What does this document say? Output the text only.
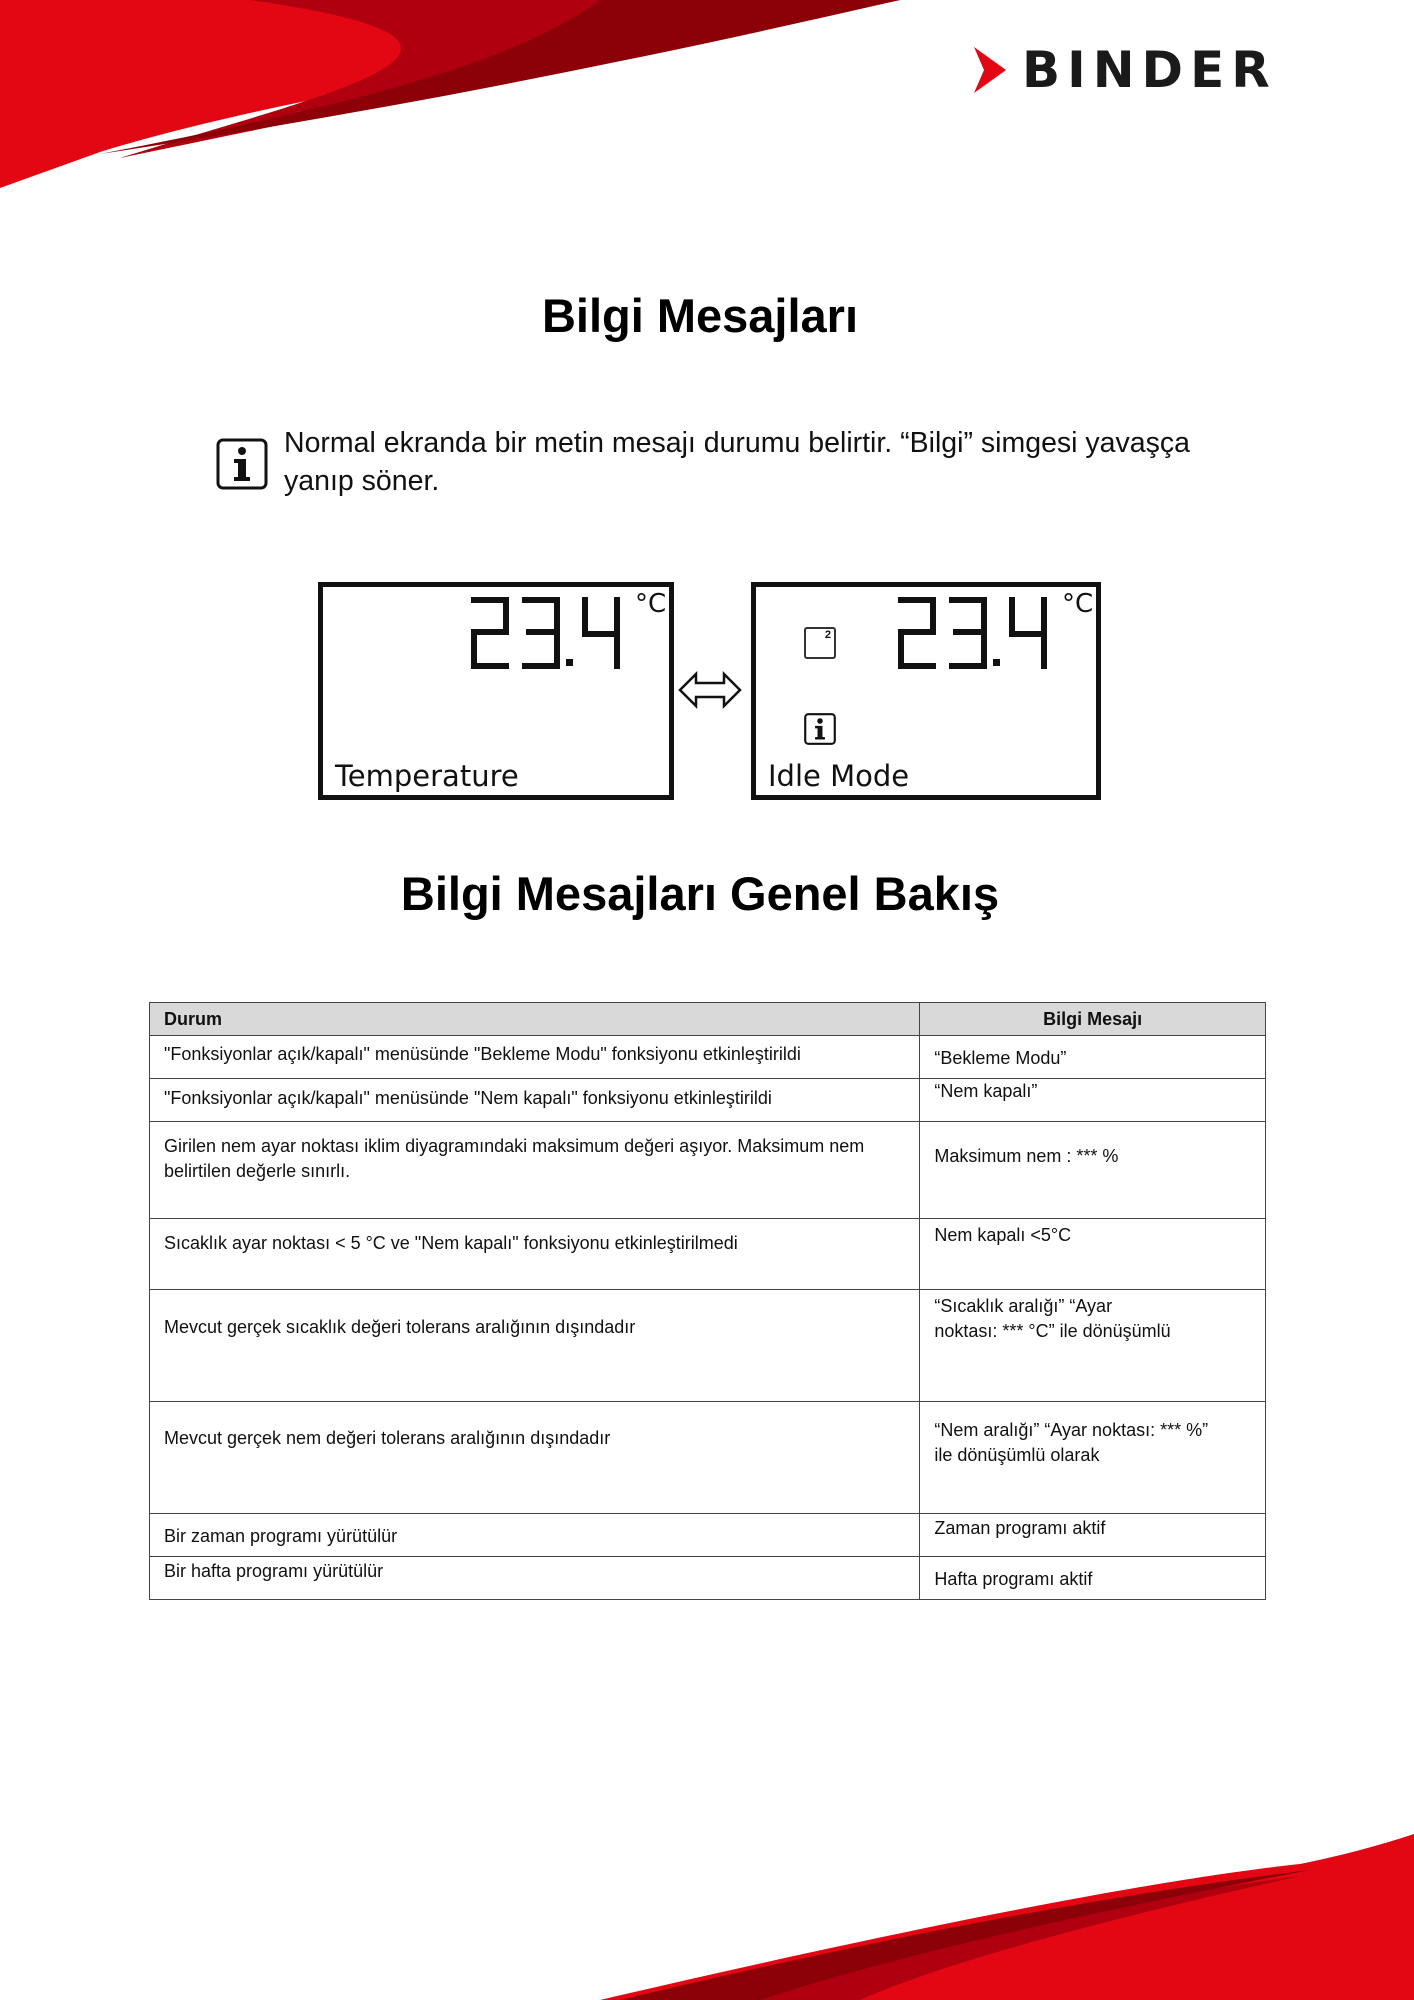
BINDER
Bilgi Mesajları

Normal ekranda bir metin mesajı durumu belirtir. “Bilgi” simgesi yavaşça yanıp söner.

°C
Temperature
2
°C
Idle Mode
Bilgi Mesajları Genel Bakış
Durum	Bilgi Mesajı
"Fonksiyonlar açık/kapalı" menüsünde "Bekleme Modu" fonksiyonu etkinleştirildi	“Bekleme Modu”
"Fonksiyonlar açık/kapalı" menüsünde "Nem kapalı" fonksiyonu etkinleştirildi	“Nem kapalı”
Girilen nem ayar noktası iklim diyagramındaki maksimum değeri aşıyor. Maksimum nem belirtilen değerle sınırlı.	Maksimum nem : *** %
Sıcaklık ayar noktası < 5 °C ve "Nem kapalı" fonksiyonu etkinleştirilmedi	Nem kapalı <5°C
Mevcut gerçek sıcaklık değeri tolerans aralığının dışındadır	“Sıcaklık aralığı” “Ayar noktası: *** °C” ile dönüşümlü
Mevcut gerçek nem değeri tolerans aralığının dışındadır	“Nem aralığı” “Ayar noktası: *** %” ile dönüşümlü olarak
Bir zaman programı yürütülür	Zaman programı aktif
Bir hafta programı yürütülür	Hafta programı aktif
